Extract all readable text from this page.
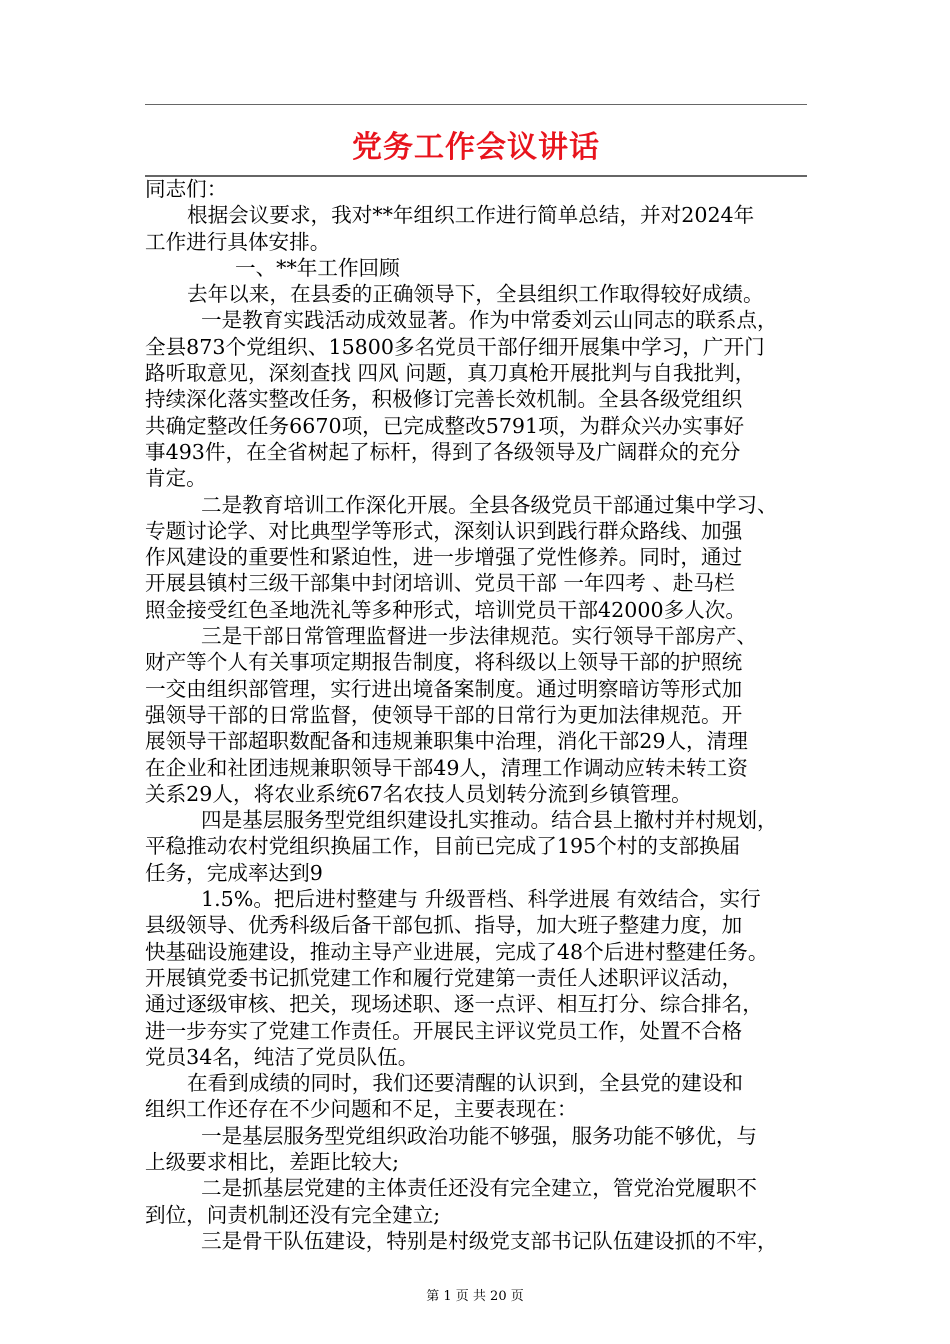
党务工作会议讲话

同志们：

根据会议要求，我对**年组织工作进行简单总结，并对2024年

工作进行具体安排。

一、**年工作回顾

去年以来，在县委的正确领导下，全县组织工作取得较好成绩。

一是教育实践活动成效显著。作为中常委刘云山同志的联系点，

全县873个党组织、15800多名党员干部仔细开展集中学习，广开门

路听取意见，深刻查找 四风 问题，真刀真枪开展批判与自我批判，

持续深化落实整改任务，积极修订完善长效机制。全县各级党组织

共确定整改任务6670项，已完成整改5791项，为群众兴办实事好

事493件，在全省树起了标杆，得到了各级领导及广阔群众的充分

肯定。

二是教育培训工作深化开展。全县各级党员干部通过集中学习、

专题讨论学、对比典型学等形式，深刻认识到践行群众路线、加强

作风建设的重要性和紧迫性，进一步增强了党性修养。同时，通过

开展县镇村三级干部集中封闭培训、党员干部 一年四考 、赴马栏

照金接受红色圣地洗礼等多种形式，培训党员干部42000多人次。

三是干部日常管理监督进一步法律规范。实行领导干部房产、

财产等个人有关事项定期报告制度，将科级以上领导干部的护照统

一交由组织部管理，实行进出境备案制度。通过明察暗访等形式加

强领导干部的日常监督，使领导干部的日常行为更加法律规范。开

展领导干部超职数配备和违规兼职集中治理，消化干部29人，清理

在企业和社团违规兼职领导干部49人，清理工作调动应转未转工资

关系29人，将农业系统67名农技人员划转分流到乡镇管理。

四是基层服务型党组织建设扎实推动。结合县上撤村并村规划，

平稳推动农村党组织换届工作，目前已完成了195个村的支部换届

任务，完成率达到9

1.5%。把后进村整建与 升级晋档、科学进展 有效结合，实行

县级领导、优秀科级后备干部包抓、指导，加大班子整建力度，加

快基础设施建设，推动主导产业进展，完成了48个后进村整建任务。

开展镇党委书记抓党建工作和履行党建第一责任人述职评议活动，

通过逐级审核、把关，现场述职、逐一点评、相互打分、综合排名，

进一步夯实了党建工作责任。开展民主评议党员工作，处置不合格

党员34名，纯洁了党员队伍。

在看到成绩的同时，我们还要清醒的认识到，全县党的建设和

组织工作还存在不少问题和不足，主要表现在：

一是基层服务型党组织政治功能不够强，服务功能不够优，与

上级要求相比，差距比较大;

二是抓基层党建的主体责任还没有完全建立，管党治党履职不

到位，问责机制还没有完全建立;

三是骨干队伍建设，特别是村级党支部书记队伍建设抓的不牢，

第 1 页 共 20 页
